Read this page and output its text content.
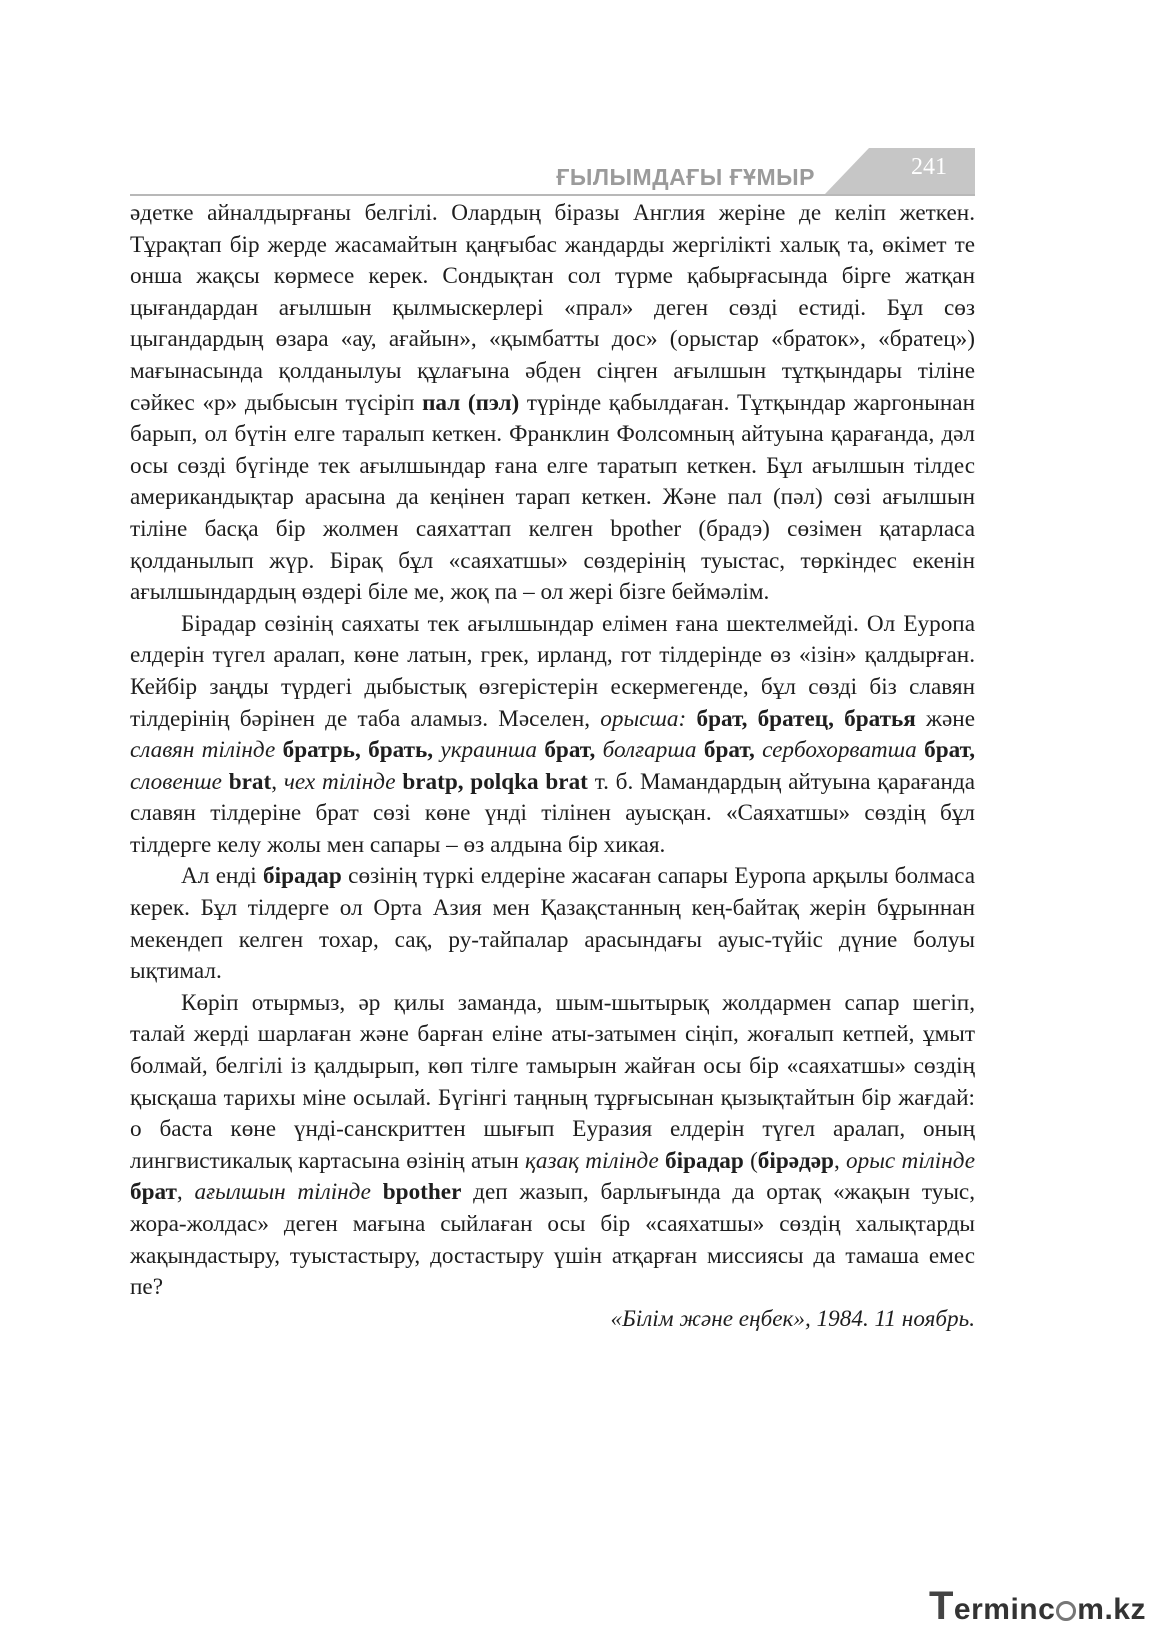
ҒЫЛЫМДАҒЫ ҒҰМЫР	241

әдетке айналдырғаны белгілі. Олардың біразы Англия жеріне де келіп жеткен. Тұрақтап бір жерде жасамайтын қаңғыбас жандарды жергілікті халық та, өкімет те онша жақсы көрмесе керек. Сондықтан сол түрме қабырғасында бірге жатқан цығандардан ағылшын қылмыскерлері «прал» деген сөзді естиді. Бұл сөз цыгандардың өзара «ау, ағайын», «қымбатты дос» (орыстар «браток», «братец») мағынасында қолданылуы құлағына әбден сіңген ағылшын тұтқындары тіліне сәйкес «р» дыбысын түсіріп пал (пэл) түрінде қабылдаған. Тұтқындар жаргонынан барып, ол бүтін елге таралып кеткен. Франклин Фолсомның айтуына қарағанда, дәл осы сөзді бүгінде тек ағылшындар ғана елге таратып кеткен. Бұл ағылшын тілдес американдықтар арасына да кеңінен тарап кеткен. Және пал (пәл) сөзі ағылшын тіліне басқа бір жолмен саяхаттап келген bрother (брадэ) сөзімен қатарласа қолданылып жүр. Бірақ бұл «саяхатшы» сөздерінің туыстас, төркіндес екенін ағылшындардың өздері біле ме, жоқ па – ол жері бізге беймәлім.

Бірадар сөзінің саяхаты тек ағылшындар елімен ғана шектелмейді. Ол Еуропа елдерін түгел аралап, көне латын, грек, ирланд, гот тілдерінде өз «ізін» қалдырған. Кейбір заңды түрдегі дыбыстық өзгерістерін ескермегенде, бұл сөзді біз славян тілдерінің бәрінен де таба аламыз. Мәселен, орысша: брат, братец, братья және славян тілінде братрь, брать, украинша брат, болғарша брат, сербохорватша брат, словенше brat, чех тілінде bratр, polqka brat т. б. Мамандардың айтуына қарағанда славян тілдеріне брат сөзі көне үнді тілінен ауысқан. «Саяхатшы» сөздің бұл тілдерге келу жолы мен сапары – өз алдына бір хикая.

Ал енді бірадар сөзінің түркі елдеріне жасаған сапары Еуропа арқылы болмаса керек. Бұл тілдерге ол Орта Азия мен Қазақстанның кең-байтақ жерін бұрыннан мекендеп келген тохар, сақ, ру-тайпалар арасындағы ауыс-түйіс дүние болуы ықтимал.

Көріп отырмыз, әр қилы заманда, шым-шытырық жолдармен сапар шегіп, талай жерді шарлаған және барған еліне аты-затымен сіңіп, жоғалып кетпей, ұмыт болмай, белгілі із қалдырып, көп тілге тамырын жайған осы бір «саяхатшы» сөздің қысқаша тарихы міне осылай. Бүгінгі таңның тұрғысынан қызықтайтын бір жағдай: о баста көне үнді-санскриттен шығып Еуразия елдерін түгел аралап, оның лингвистикалық картасына өзінің атын қазақ тілінде бірадар (бірәдәр, орыс тілінде брат, ағылшын тілінде bрother деп жазып, барлығында да ортақ «жақын туыс, жора-жолдас» деген мағына сыйлаған осы бір «саяхатшы» сөздің халықтарды жақындастыру, туыстастыру, достастыру үшін атқарған миссиясы да тамаша емес пе?

«Білім және еңбек», 1984. 11 ноябрь.

Terminc m.kz
